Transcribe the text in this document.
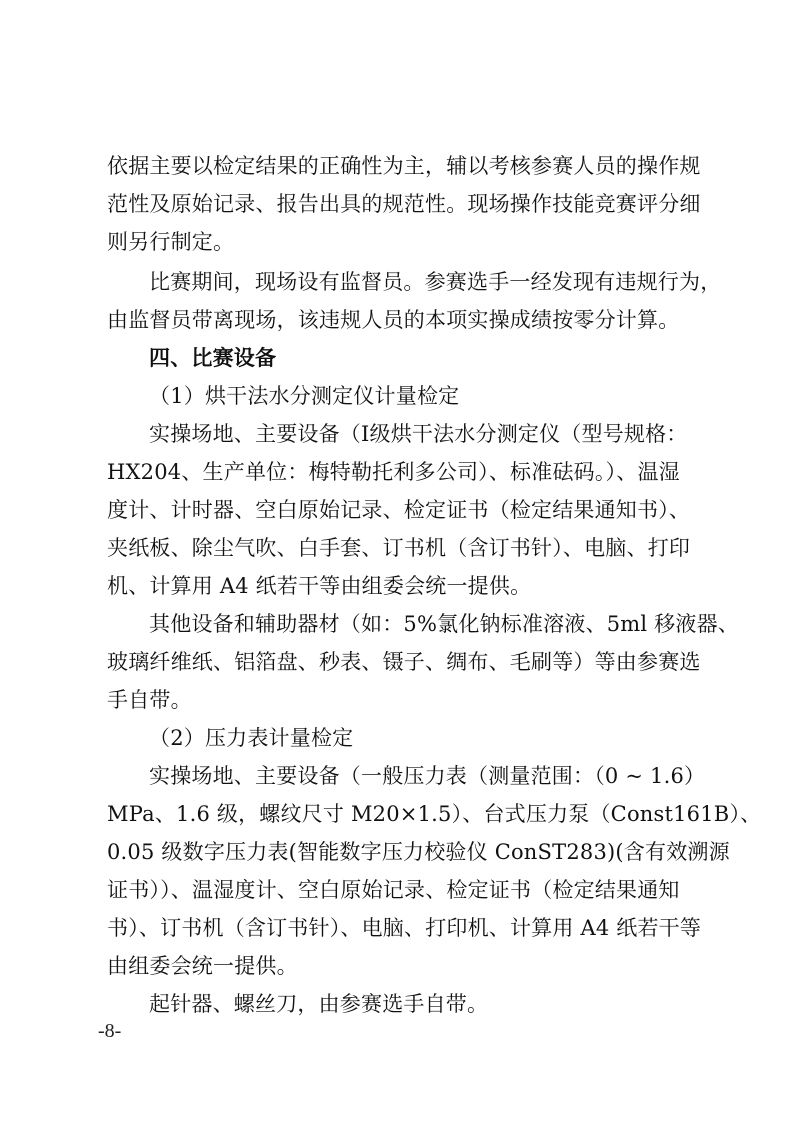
依据主要以检定结果的正确性为主，辅以考核参赛人员的操作规
范性及原始记录、报告出具的规范性。现场操作技能竞赛评分细
则另行制定。
比赛期间，现场设有监督员。参赛选手一经发现有违规行为，
由监督员带离现场，该违规人员的本项实操成绩按零分计算。
四、比赛设备
（1）烘干法水分测定仪计量检定
实操场地、主要设备（Ⅰ级烘干法水分测定仪（型号规格：
HX204、生产单位：梅特勒托利多公司）、标准砝码。）、温湿
度计、计时器、空白原始记录、检定证书（检定结果通知书）、
夹纸板、除尘气吹、白手套、订书机（含订书针）、电脑、打印
机、计算用 A4 纸若干等由组委会统一提供。
其他设备和辅助器材（如：5%氯化钠标准溶液、5ml 移液器、
玻璃纤维纸、铝箔盘、秒表、镊子、绸布、毛刷等）等由参赛选
手自带。
（2）压力表计量检定
实操场地、主要设备（一般压力表（测量范围：（0 ~ 1.6）
MPa、1.6 级，螺纹尺寸 M20×1.5）、台式压力泵（Const161B）、
0.05 级数字压力表(智能数字压力校验仪 ConST283)(含有效溯源
证书））、温湿度计、空白原始记录、检定证书（检定结果通知
书）、订书机（含订书针）、电脑、打印机、计算用 A4 纸若干等
由组委会统一提供。
起针器、螺丝刀，由参赛选手自带。
-8-
